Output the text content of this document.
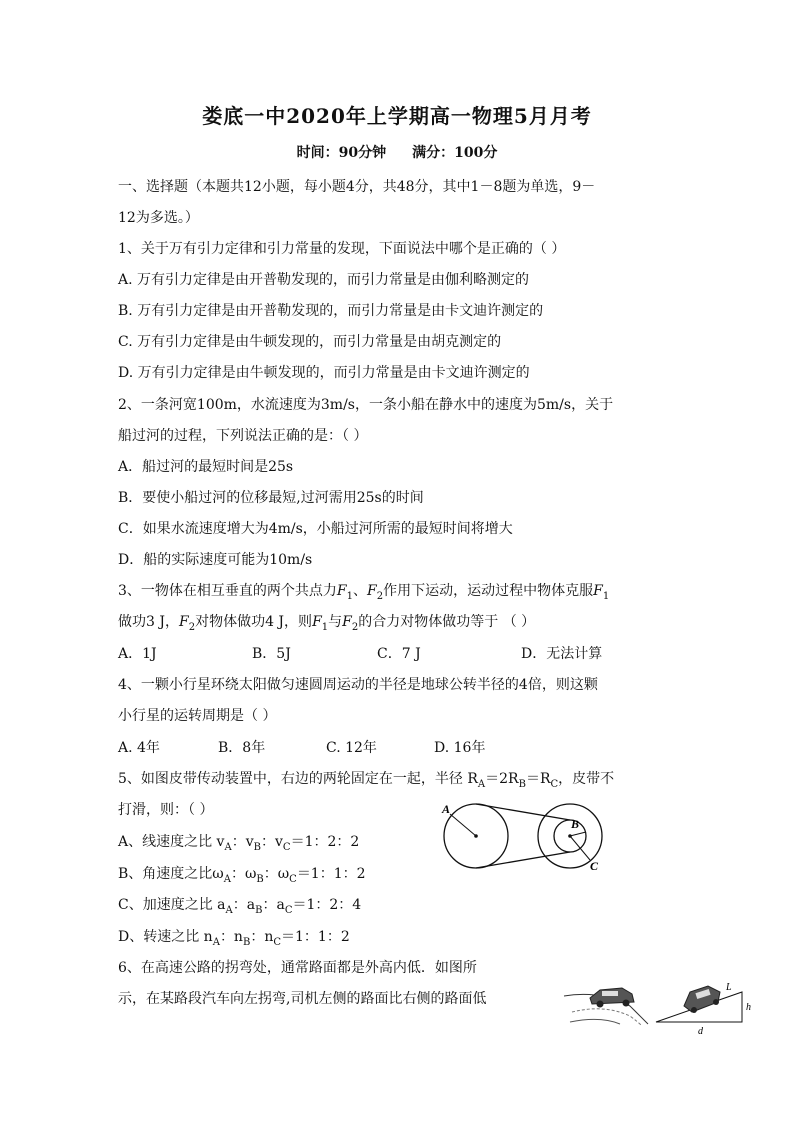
娄底一中2020年上学期高一物理5月月考
时间：90分钟 满分：100分
一、选择题（本题共12小题，每小题4分，共48分，其中1－8题为单选，9－
12为多选。）
1、关于万有引力定律和引力常量的发现，下面说法中哪个是正确的（ ）
A. 万有引力定律是由开普勒发现的，而引力常量是由伽利略测定的
B. 万有引力定律是由开普勒发现的，而引力常量是由卡文迪许测定的
C. 万有引力定律是由牛顿发现的，而引力常量是由胡克测定的
D. 万有引力定律是由牛顿发现的，而引力常量是由卡文迪许测定的
2、一条河宽100m，水流速度为3m/s，一条小船在静水中的速度为5m/s，关于
船过河的过程，下列说法正确的是：（ ）
A．船过河的最短时间是25s
B．要使小船过河的位移最短,过河需用25s的时间
C．如果水流速度增大为4m/s，小船过河所需的最短时间将增大
D．船的实际速度可能为10m/s
3、一物体在相互垂直的两个共点力$F_1$、$F_2$作用下运动，运动过程中物体克服$F_1$
做功3 J，$F_2$对物体做功4 J，则$F_1$与$F_2$的合力对物体做功等于 （ ）
A．1J	B．5J	C．7 J	D．无法计算
4、一颗小行星环绕太阳做匀速圆周运动的半径是地球公转半径的4倍，则这颗
小行星的运转周期是（ ）
A. 4年	B．8年	C. 12年	D. 16年
5、如图皮带传动装置中，右边的两轮固定在一起，半径 $R_A=2R_B=R_C$，皮带不
打滑，则：（ ）
A、线速度之比 $v_A$：$v_B$：$v_C=1$：2：2
B、角速度之比$\omega_A$：$\omega_B$：$\omega_C=1$：1：2
C、加速度之比 $a_A$：$a_B$：$a_C=1$：2：4
D、转速之比 $n_A$：$n_B$：$n_C=1$：1：2
A
B
C
6、在高速公路的拐弯处，通常路面都是外高内低．如图所
示，在某路段汽车向左拐弯,司机左侧的路面比右侧的路面低
L
h
d
